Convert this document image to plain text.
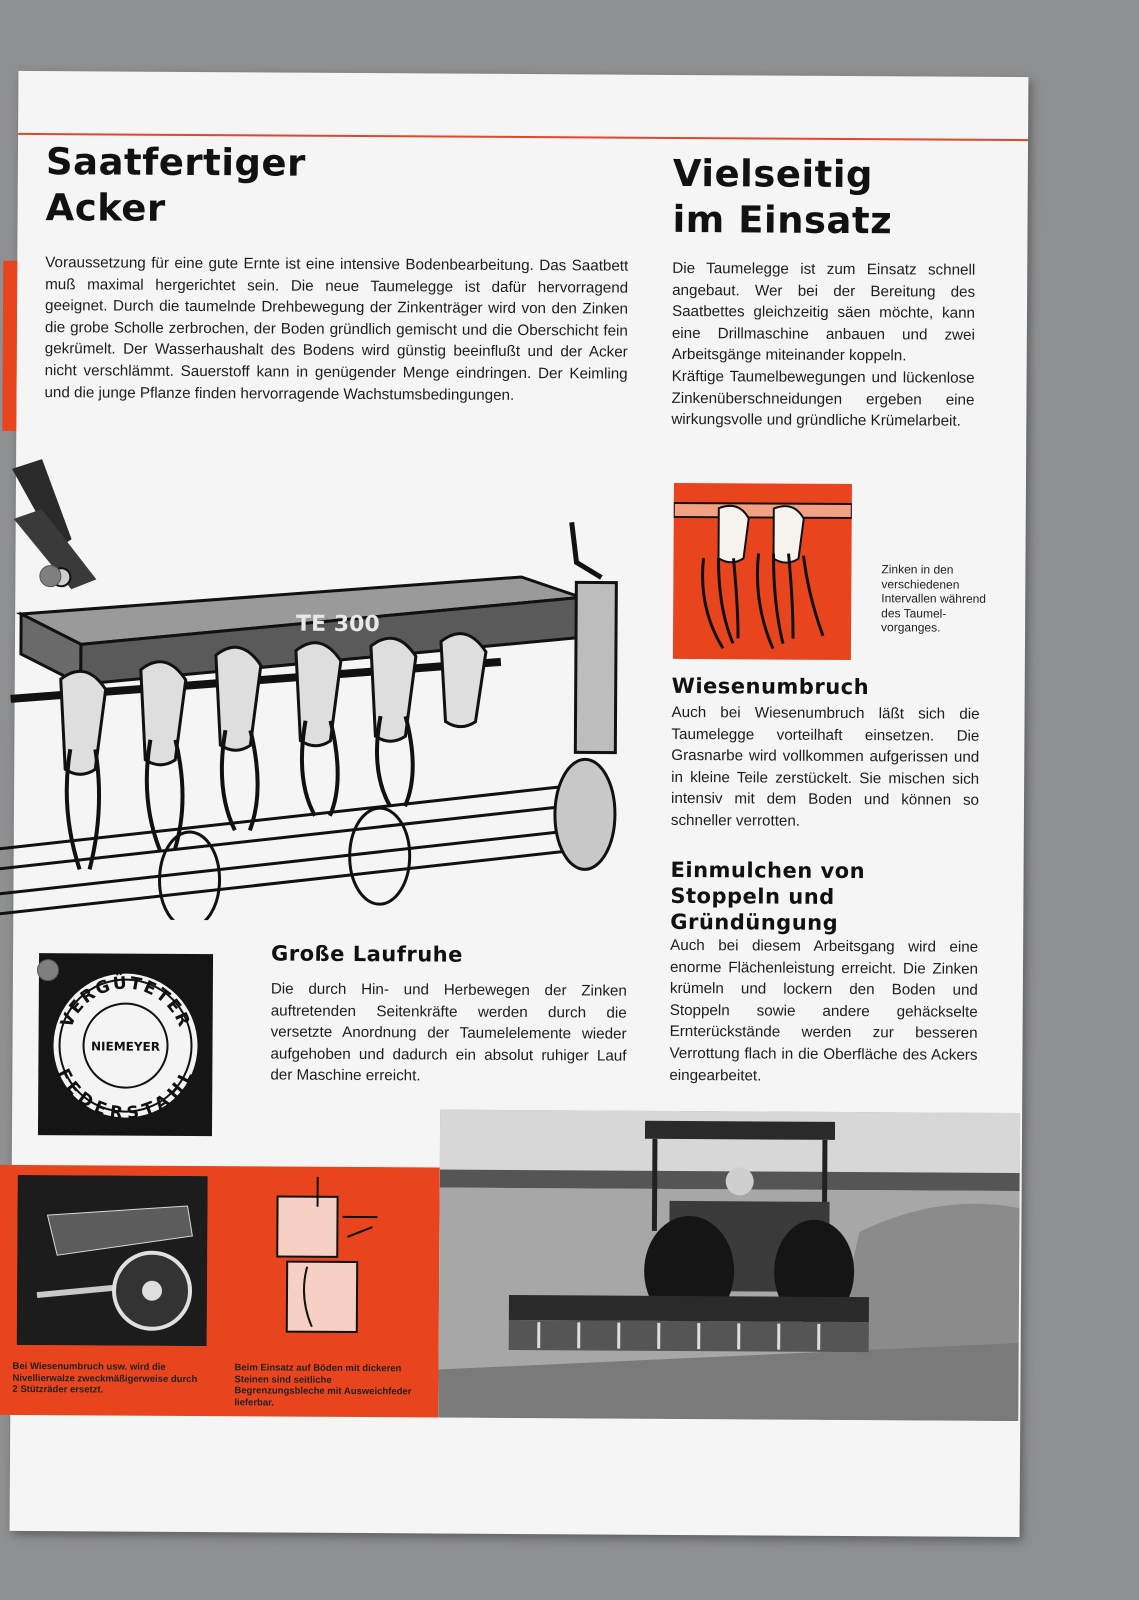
Saatfertiger
Acker

Voraussetzung für eine gute Ernte ist eine intensive Bodenbearbeitung. Das Saatbett muß maximal hergerichtet sein. Die neue Taumelegge ist dafür hervorragend geeignet. Durch die taumelnde Drehbewegung der Zinkenträger wird von den Zinken die grobe Scholle zerbrochen, der Boden gründlich gemischt und die Oberschicht fein gekrümelt. Der Wasserhaushalt des Bodens wird günstig beeinflußt und der Acker nicht verschlämmt. Sauerstoff kann in genügender Menge eindringen. Der Keimling und die junge Pflanze finden hervorragende Wachstumsbedingungen.

Vielseitig
im Einsatz

Die Taumelegge ist zum Einsatz schnell angebaut. Wer bei der Bereitung des Saatbettes gleichzeitig säen möchte, kann eine Drillmaschine anbauen und zwei Arbeitsgänge miteinander koppeln.
Kräftige Taumelbewegungen und lückenlose Zinkenüberschneidungen ergeben eine wirkungsvolle und gründliche Krümelarbeit.

TE 300
Zinken in den verschiedenen Intervallen während des Taumel-vorganges.
Wiesenumbruch

Auch bei Wiesenumbruch läßt sich die Taumelegge vorteilhaft einsetzen. Die Grasnarbe wird vollkommen aufgerissen und in kleine Teile zerstückelt. Sie mischen sich intensiv mit dem Boden und können so schneller verrotten.

Einmulchen von
Stoppeln und
Gründüngung

Auch bei diesem Arbeitsgang wird eine enorme Flächenleistung erreicht. Die Zinken krümeln und lockern den Boden und Stoppeln sowie andere gehäckselte Ernterückstände werden zur besseren Verrottung flach in die Oberfläche des Ackers eingearbeitet.

Große Laufruhe

Die durch Hin- und Herbewegen der Zinken auftretenden Seitenkräfte werden durch die versetzte Anordnung der Taumelelemente wieder aufgehoben und dadurch ein absolut ruhiger Lauf der Maschine erreicht.

VERGÜTETER
FEDERSTAHL
NIEMEYER
Bei Wiesenumbruch usw. wird die Nivellierwalze zweckmäßigerweise durch 2 Stützräder ersetzt.
Beim Einsatz auf Böden mit dickeren Steinen sind seitliche Begrenzungsbleche mit Ausweichfeder lieferbar.
